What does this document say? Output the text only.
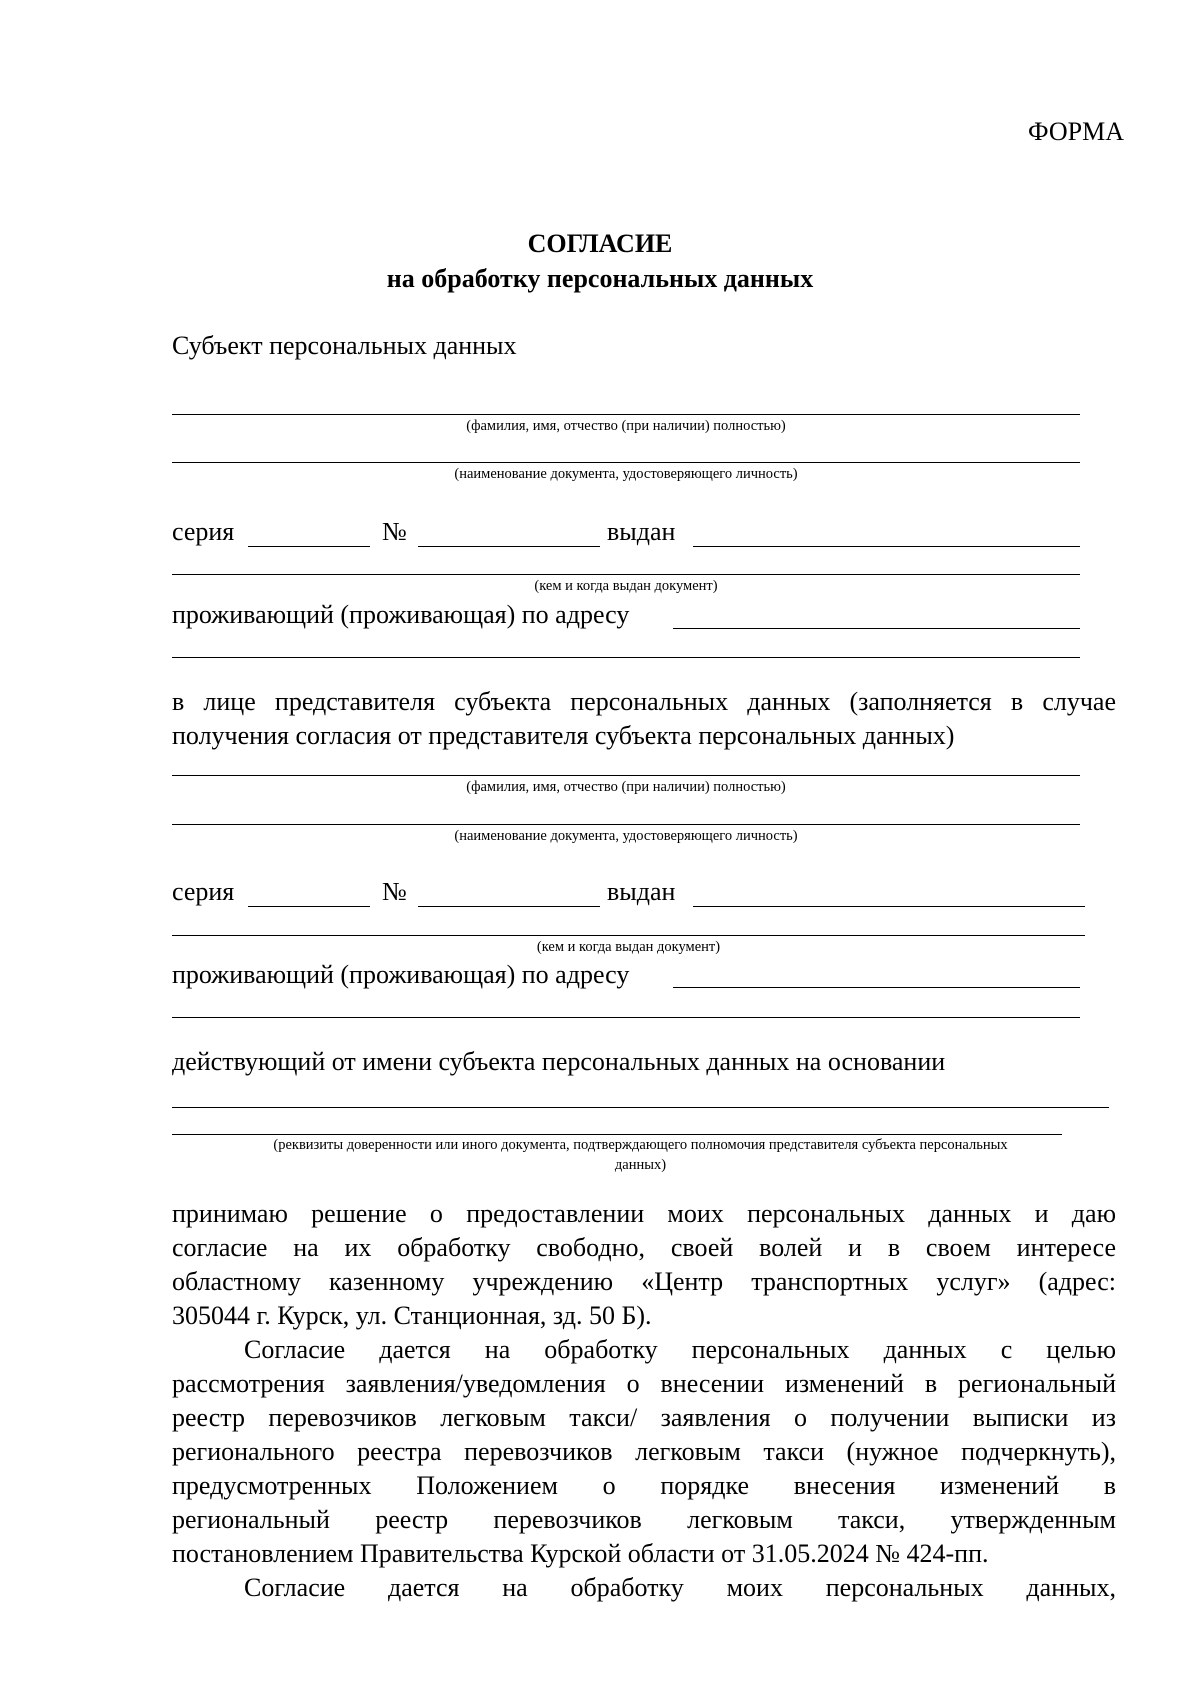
ФОРМА
СОГЛАСИЕ
на обработку персональных данных
Субъект персональных данных
(фамилия, имя, отчество (при наличии) полностью)
(наименование документа, удостоверяющего личность)
серия	№	выдан
(кем и когда выдан документ)
проживающий (проживающая) по адресу
в лице представителя субъекта персональных данных (заполняется в случае
получения согласия от представителя субъекта персональных данных)
(фамилия, имя, отчество (при наличии) полностью)
(наименование документа, удостоверяющего личность)
серия	№	выдан
(кем и когда выдан документ)
проживающий (проживающая) по адресу
действующий от имени субъекта персональных данных на основании
(реквизиты доверенности или иного документа, подтверждающего полномочия представителя субъекта персональных
данных)
принимаю решение о предоставлении моих персональных данных и даю
согласие на их обработку свободно, своей волей и в своем интересе
областному казенному учреждению «Центр транспортных услуг» (адрес:
305044 г. Курск, ул. Станционная, зд. 50 Б).
Согласие дается на обработку персональных данных с целью
рассмотрения заявления/уведомления о внесении изменений в региональный
реестр перевозчиков легковым такси/ заявления о получении выписки из
регионального реестра перевозчиков легковым такси (нужное подчеркнуть),
предусмотренных Положением о порядке внесения изменений в
региональный реестр перевозчиков легковым такси, утвержденным
постановлением Правительства Курской области от 31.05.2024 № 424-пп.
Согласие дается на обработку моих персональных данных,
